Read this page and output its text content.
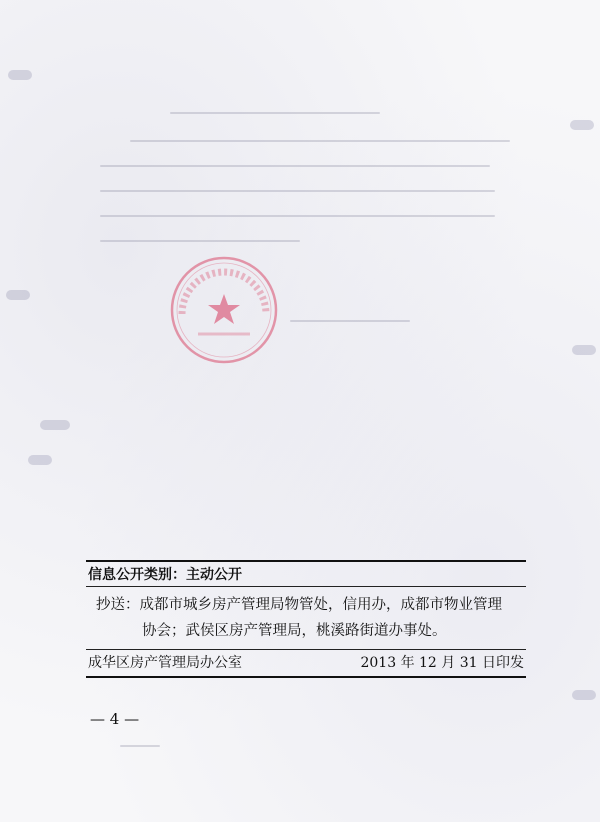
信息公开类别：主动公开
抄送：成都市城乡房产管理局物管处，信用办，成都市物业管理
协会；武侯区房产管理局，桃溪路街道办事处。
成华区房产管理局办公室	2013 年 12 月 31 日印发
— 4 —
